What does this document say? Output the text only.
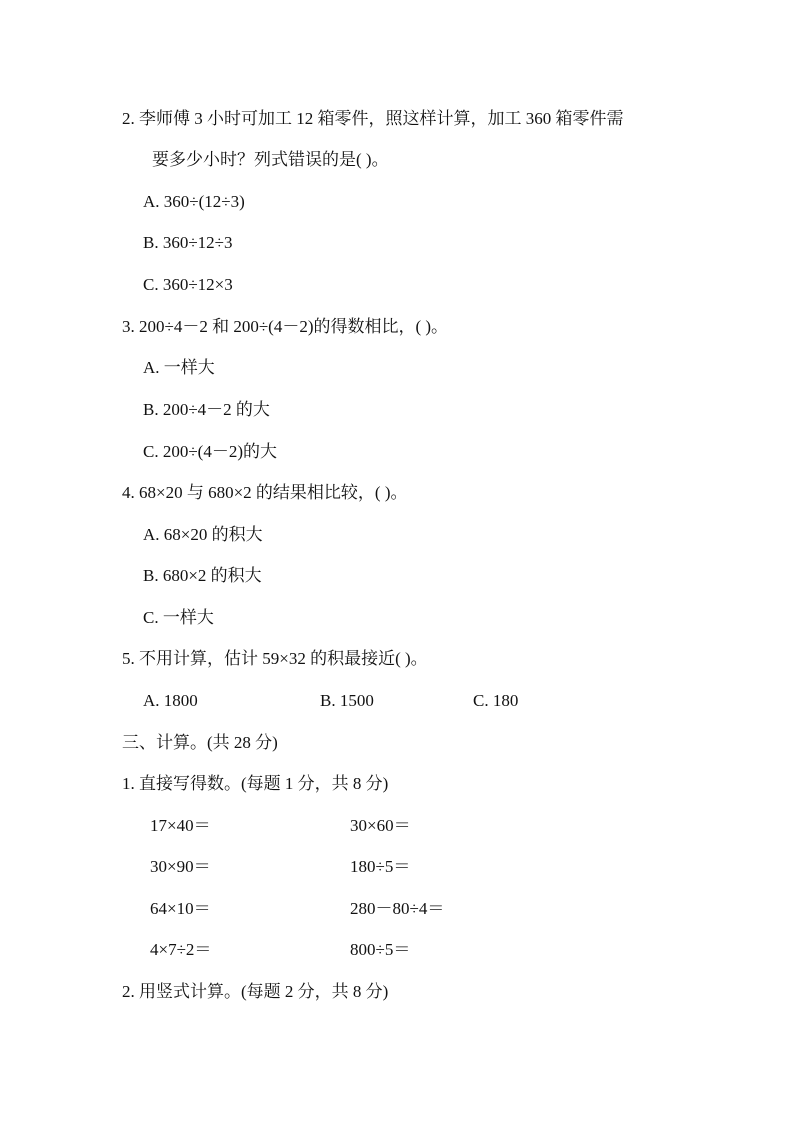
2. 李师傅 3 小时可加工 12 箱零件，照这样计算，加工 360 箱零件需
要多少小时？列式错误的是( )。
A. 360÷(12÷3)
B. 360÷12÷3
C. 360÷12×3
3. 200÷4－2 和 200÷(4－2)的得数相比，( )。
A. 一样大
B. 200÷4－2 的大
C. 200÷(4－2)的大
4. 68×20 与 680×2 的结果相比较，( )。
A. 68×20 的积大
B. 680×2 的积大
C. 一样大
5. 不用计算，估计 59×32 的积最接近( )。
A. 1800	B. 1500	C. 180
三、计算。(共 28 分)
1. 直接写得数。(每题 1 分，共 8 分)
17×40＝	30×60＝
30×90＝	180÷5＝
64×10＝	280－80÷4＝
4×7÷2＝	800÷5＝
2. 用竖式计算。(每题 2 分，共 8 分)
